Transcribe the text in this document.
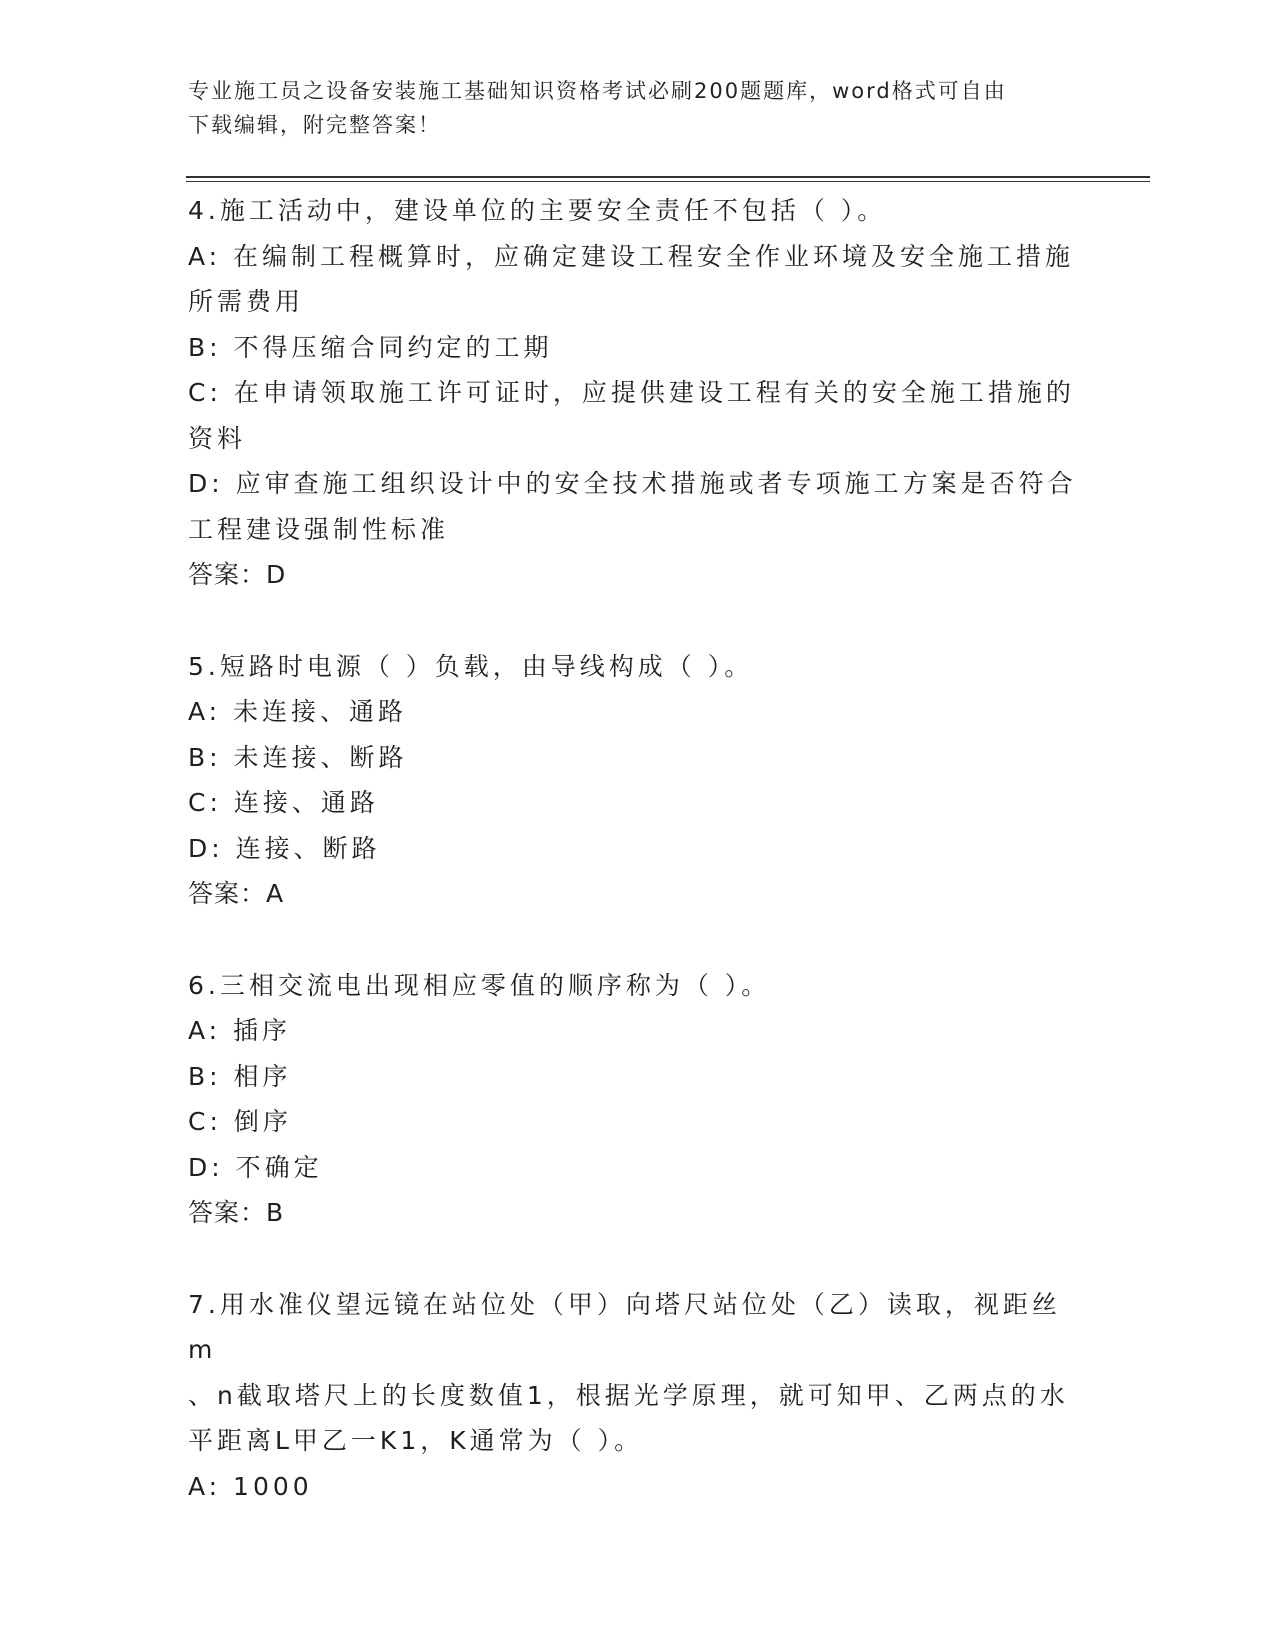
专业施工员之设备安装施工基础知识资格考试必刷200题题库，word格式可自由
下载编辑，附完整答案！
4.施工活动中，建设单位的主要安全责任不包括（ ）。
A: 在编制工程概算时，应确定建设工程安全作业环境及安全施工措施
所需费用
B: 不得压缩合同约定的工期
C: 在申请领取施工许可证时，应提供建设工程有关的安全施工措施的
资料
D: 应审查施工组织设计中的安全技术措施或者专项施工方案是否符合
工程建设强制性标准
答案：D
5.短路时电源（ ）负载，由导线构成（ ）。
A: 未连接、通路
B: 未连接、断路
C: 连接、通路
D: 连接、断路
答案：A
6.三相交流电出现相应零值的顺序称为（ ）。
A: 插序
B: 相序
C: 倒序
D: 不确定
答案：B
7.用水准仪望远镜在站位处（甲）向塔尺站位处（乙）读取，视距丝m
、n截取塔尺上的长度数值1，根据光学原理，就可知甲、乙两点的水
平距离L甲乙一K1，K通常为（ ）。
A: 1000
